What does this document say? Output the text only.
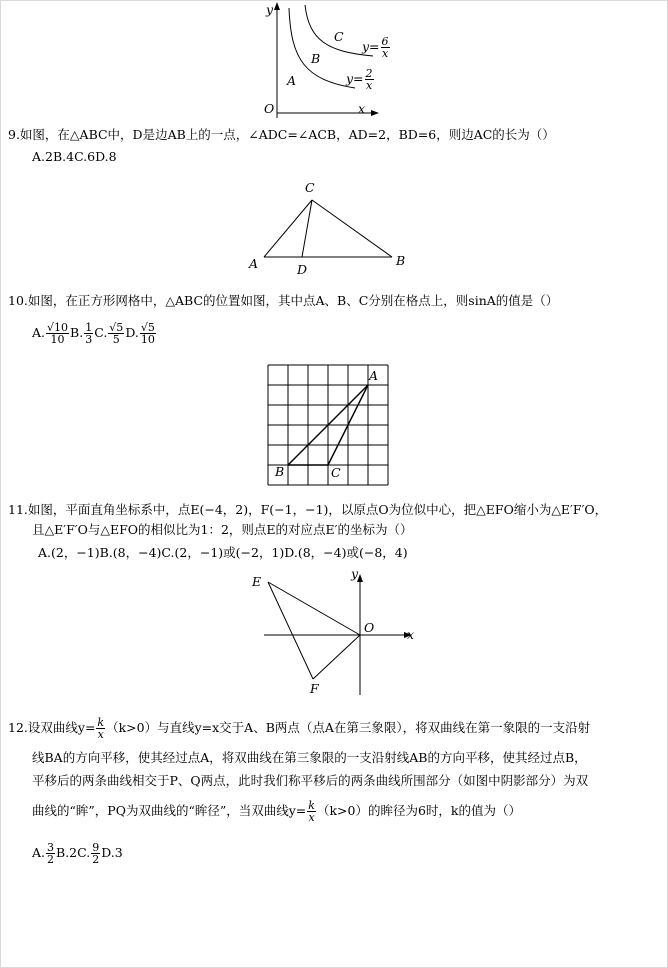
y
x
O
A
B
C
$y= \frac{6}{x}$
$y= \frac{2}{x}$
9.如图，在△ABC中，D是边AB上的一点，∠ADC=∠ACB，AD=2，BD=6，则边AC的长为（）
A.2B.4C.6D.8
C
A	D
B
10.如图，在正方形网格中，△ABC的位置如图，其中点A、B、C分别在格点上，则sinA的值是（）
A. $\frac{√10}{10} B$. $\frac{1}{3} C$. $\frac{√5}{5} D$. $\frac{√5}{10}$
A
B	C
11.如图，平面直角坐标系中，点E(−4，2)，F(−1，−1)，以原点O为位似中心，把△EFO缩小为△E′F′O，
且△E′F′O与△EFO的相似比为1：2，则点E的对应点E′的坐标为（）
A.(2，−1)B.(8，−4)C.(2，−1)或(−2，1)D.(8，−4)或(−8，4)
E
y
O	x
F
12.设双曲线$y= \frac{k}{x} (k>0)$与直线y=x交于A、B两点（点A在第三象限），将双曲线在第一象限的一支沿射
线BA的方向平移，使其经过点A，将双曲线在第三象限的一支沿射线AB的方向平移，使其经过点B，
平移后的两条曲线相交于P、Q两点，此时我们称平移后的两条曲线所围部分（如图中阴影部分）为双
曲线的“眸”，PQ为双曲线的“眸径”，当双曲线$y= \frac{k}{x} (k>0)$的眸径为6时，k的值为（）
A. $\frac{3}{2} B.2C$. $\frac{9}{2} D.3$
